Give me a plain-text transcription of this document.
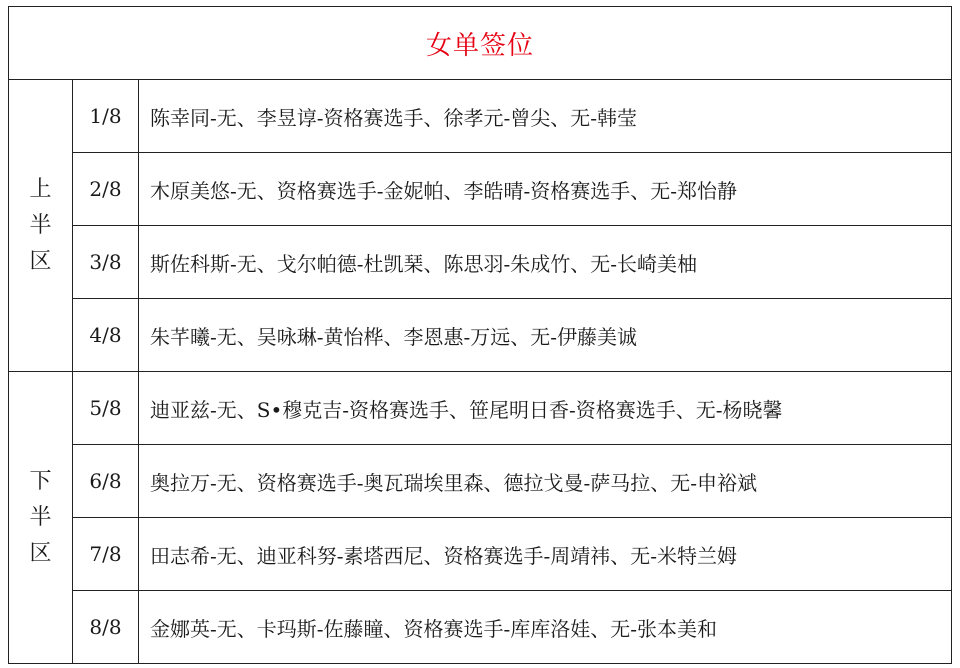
女单签位		

上
半
区	1/8	陈幸同-无、李昱谆-资格赛选手、徐孝元-曾尖、无-韩莹
	2/8	木原美悠-无、资格赛选手-金妮帕、李皓晴-资格赛选手、无-郑怡静
	3/8	斯佐科斯-无、戈尔帕德-杜凯琹、陈思羽-朱成竹、无-长崎美柚
	4/8	朱芊曦-无、吴咏琳-黄怡桦、李恩惠-万远、无-伊藤美诚

下
半
区	5/8	迪亚兹-无、S•穆克吉-资格赛选手、笹尾明日香-资格赛选手、无-杨晓馨
	6/8	奥拉万-无、资格赛选手-奥瓦瑞埃里森、德拉戈曼-萨马拉、无-申裕斌
	7/8	田志希-无、迪亚科努-素塔西尼、资格赛选手-周靖祎、无-米特兰姆
	8/8	金娜英-无、卡玛斯-佐藤瞳、资格赛选手-库库洛娃、无-张本美和
